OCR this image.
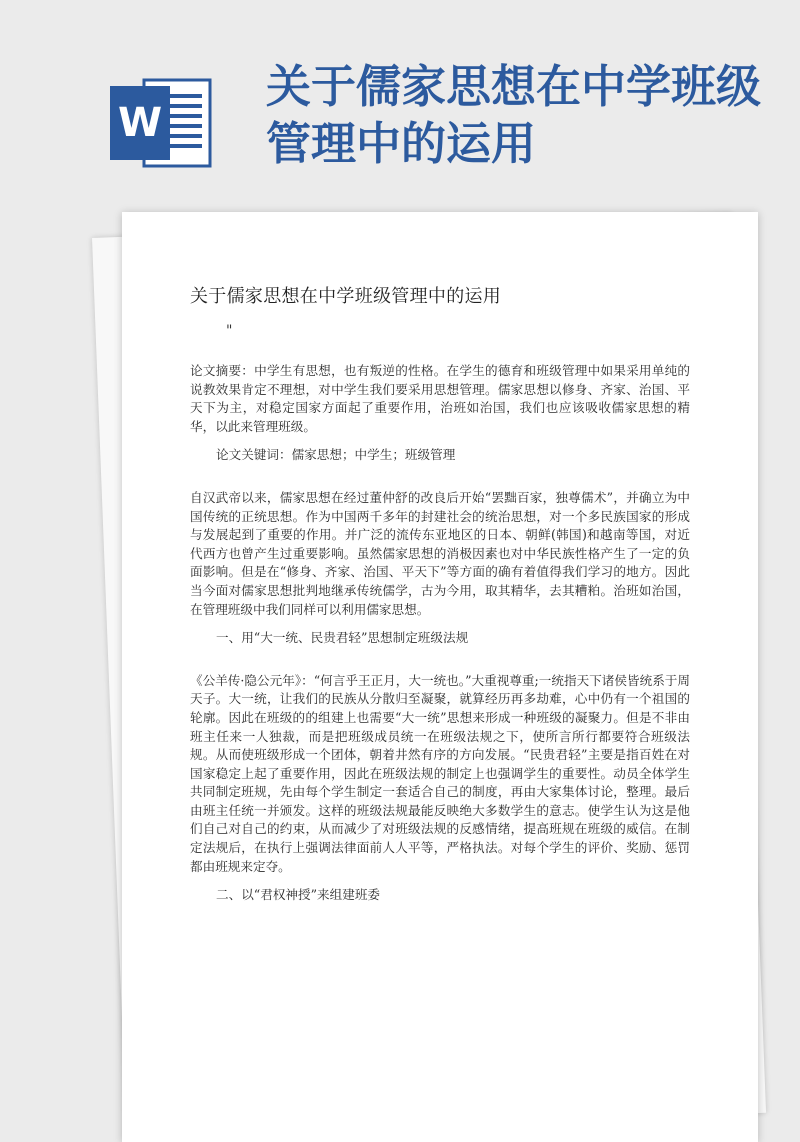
W
关于儒家思想在中学班级管理中的运用

关于儒家思想在中学班级管理中的运用

"

论文摘要：中学生有思想，也有叛逆的性格。在学生的德育和班级管理中如果采用单纯的说教效果肯定不理想，对中学生我们要采用思想管理。儒家思想以修身、齐家、治国、平天下为主，对稳定国家方面起了重要作用，治班如治国，我们也应该吸收儒家思想的精华，以此来管理班级。

论文关键词：儒家思想；中学生；班级管理

自汉武帝以来，儒家思想在经过董仲舒的改良后开始“罢黜百家，独尊儒术”，并确立为中国传统的正统思想。作为中国两千多年的封建社会的统治思想，对一个多民族国家的形成与发展起到了重要的作用。并广泛的流传东亚地区的日本、朝鲜(韩国)和越南等国，对近代西方也曾产生过重要影响。虽然儒家思想的消极因素也对中华民族性格产生了一定的负面影响。但是在“修身、齐家、治国、平天下”等方面的确有着值得我们学习的地方。因此当今面对儒家思想批判地继承传统儒学，古为今用，取其精华，去其糟粕。治班如治国，在管理班级中我们同样可以利用儒家思想。

一、用“大一统、民贵君轻”思想制定班级法规

《公羊传·隐公元年》：“何言乎王正月，大一统也。”大重视尊重;一统指天下诸侯皆统系于周天子。大一统，让我们的民族从分散归至凝聚，就算经历再多劫难，心中仍有一个祖国的轮廓。因此在班级的的组建上也需要“大一统”思想来形成一种班级的凝聚力。但是不非由班主任来一人独裁，而是把班级成员统一在班级法规之下，使所言所行都要符合班级法规。从而使班级形成一个团体，朝着井然有序的方向发展。“民贵君轻”主要是指百姓在对国家稳定上起了重要作用，因此在班级法规的制定上也强调学生的重要性。动员全体学生共同制定班规，先由每个学生制定一套适合自己的制度，再由大家集体讨论，整理。最后由班主任统一并颁发。这样的班级法规最能反映绝大多数学生的意志。使学生认为这是他们自己对自己的约束，从而减少了对班级法规的反感情绪，提高班规在班级的威信。在制定法规后，在执行上强调法律面前人人平等，严格执法。对每个学生的评价、奖励、惩罚都由班规来定夺。

二、以“君权神授”来组建班委
